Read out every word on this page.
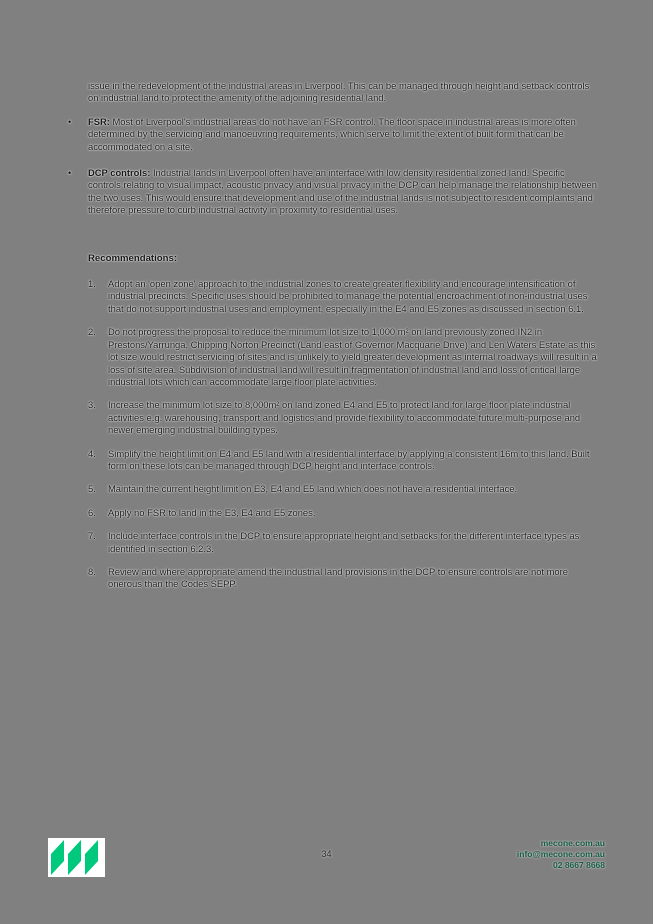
issue in the redevelopment of the industrial areas in Liverpool. This can be managed through height and setback controls on industrial land to protect the amenity of the adjoining residential land.

• FSR: Most of Liverpool's industrial areas do not have an FSR control. The floor space in industrial areas is more often determined by the servicing and manoeuvring requirements, which serve to limit the extent of built form that can be accommodated on a site.
• DCP controls: Industrial lands in Liverpool often have an interface with low density residential zoned land. Specific controls relating to visual impact, acoustic privacy and visual privacy in the DCP can help manage the relationship between the two uses. This would ensure that development and use of the industrial lands is not subject to resident complaints and therefore pressure to curb industrial activity in proximity to residential uses.
Recommendations:
1. Adopt an 'open zone' approach to the industrial zones to create greater flexibility and encourage intensification of industrial precincts. Specific uses should be prohibited to manage the potential encroachment of non-industrial uses that do not support industrial uses and employment, especially in the E4 and E5 zones as discussed in section 6.1.
2. Do not progress the proposal to reduce the minimum lot size to 1,000 m² on land previously zoned IN2 in Prestons/Yarrunga, Chipping Norton Precinct (Land east of Governor Macquarie Drive) and Len Waters Estate as this lot size would restrict servicing of sites and is unlikely to yield greater development as internal roadways will result in a loss of site area. Subdivision of industrial land will result in fragmentation of industrial land and loss of critical large industrial lots which can accommodate large floor plate activities.
3. Increase the minimum lot size to 8,000m² on land zoned E4 and E5 to protect land for large floor plate industrial activities e.g. warehousing, transport and logistics and provide flexibility to accommodate future multi-purpose and newer emerging industrial building types.
4. Simplify the height limit on E4 and E5 land with a residential interface by applying a consistent 16m to this land. Built form on these lots can be managed through DCP height and interface controls.
5. Maintain the current height limit on E3, E4 and E5 land which does not have a residential interface.
6. Apply no FSR to land in the E3, E4 and E5 zones.
7. Include interface controls in the DCP to ensure appropriate height and setbacks for the different interface types as identified in section 6.2.3.
8. Review and where appropriate amend the industrial land provisions in the DCP to ensure controls are not more onerous than the Codes SEPP.
34
mecone.com.au
info@mecone.com.au
02 8667 8668
